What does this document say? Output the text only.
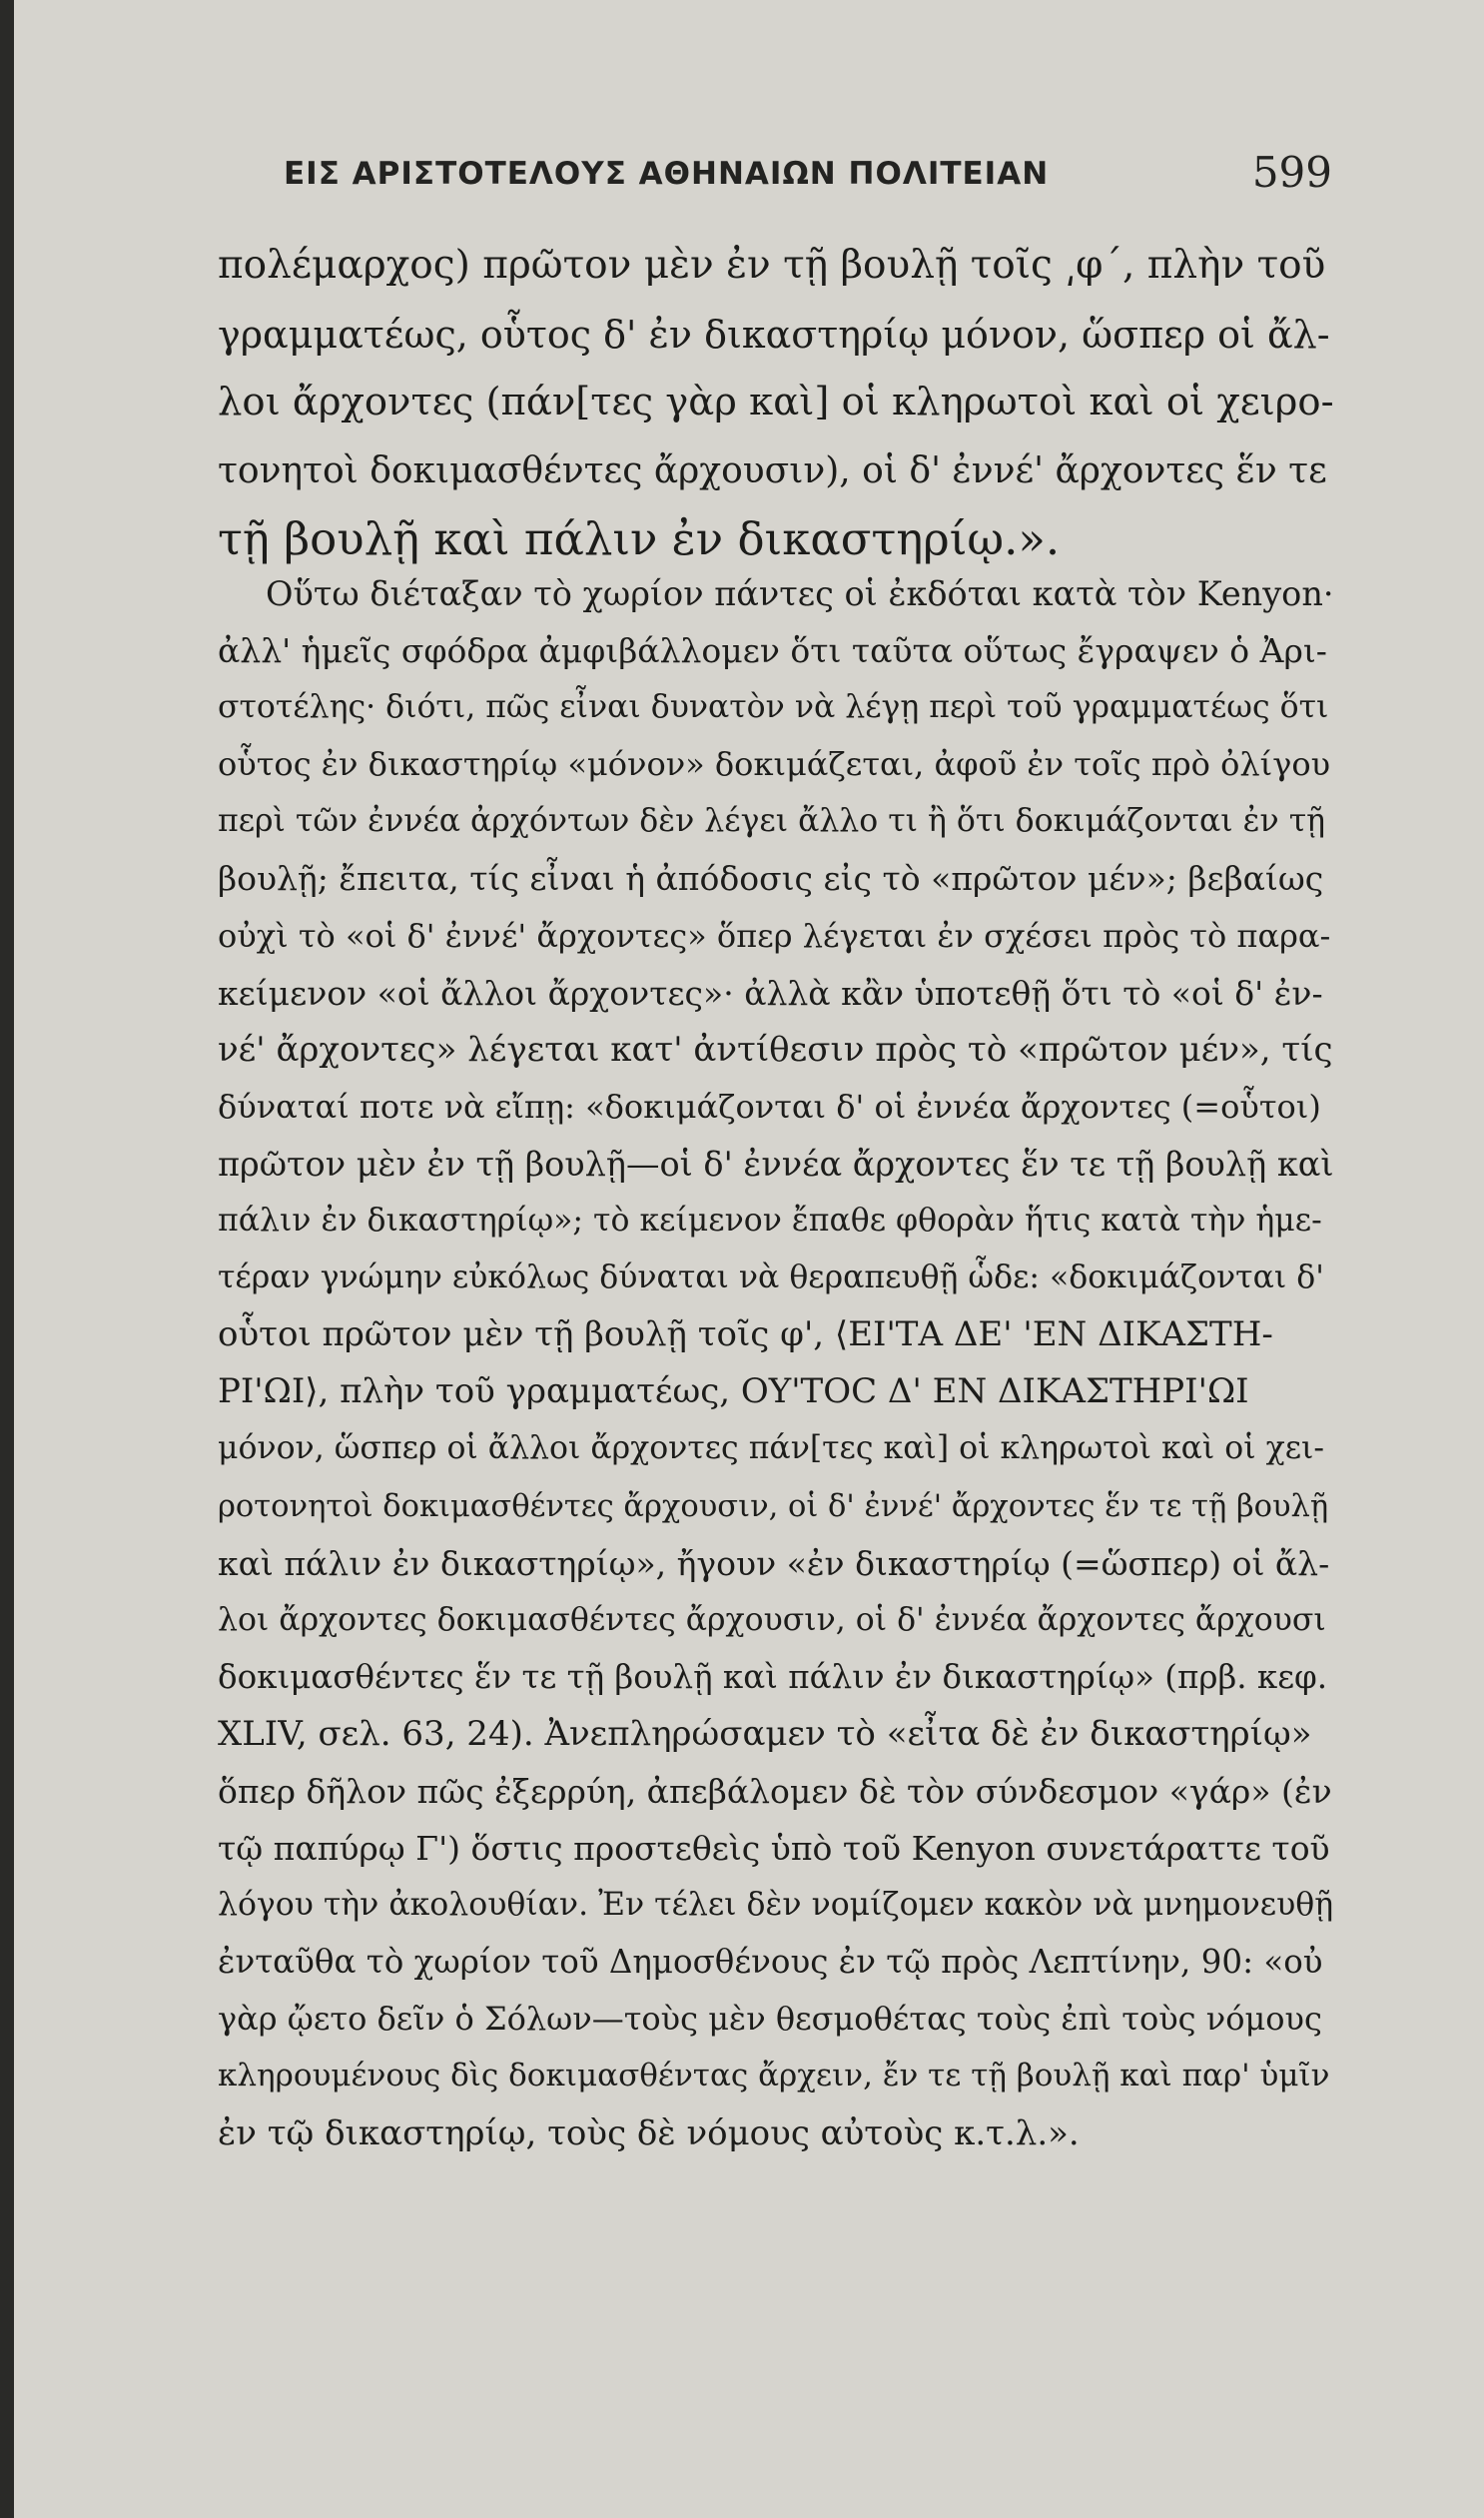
ΕΙΣ ΑΡΙΣΤΟΤΕΛΟΥΣ ΑΘΗΝΑΙΩΝ ΠΟΛΙΤΕΙΑΝ	599
πολέμαρχος) πρῶτον μὲν ἐν τῇ βουλῇ τοῖς ͵φ΄, πλὴν τοῦ
γραμματέως, οὗτος δ' ἐν δικαστηρίῳ μόνον, ὥσπερ οἱ ἄλ-
λοι ἄρχοντες (πάν[τες γὰρ καὶ] οἱ κληρωτοὶ καὶ οἱ χειρο-
τονητοὶ δοκιμασθέντες ἄρχουσιν), οἱ δ' ἐννέ' ἄρχοντες ἕν τε
τῇ βουλῇ καὶ πάλιν ἐν δικαστηρίῳ.».
Οὕτω διέταξαν τὸ χωρίον πάντες οἱ ἐκδόται κατὰ τὸν Kenyon·
ἀλλ' ἡμεῖς σφόδρα ἀμφιβάλλομεν ὅτι ταῦτα οὕτως ἔγραψεν ὁ Ἀρι-
στοτέλης· διότι, πῶς εἶναι δυνατὸν νὰ λέγῃ περὶ τοῦ γραμματέως ὅτι
οὗτος ἐν δικαστηρίῳ «μόνον» δοκιμάζεται, ἀφοῦ ἐν τοῖς πρὸ ὀλίγου
περὶ τῶν ἐννέα ἀρχόντων δὲν λέγει ἄλλο τι ἢ ὅτι δοκιμάζονται ἐν τῇ
βουλῇ; ἔπειτα, τίς εἶναι ἡ ἀπόδοσις εἰς τὸ «πρῶτον μέν»; βεβαίως
οὐχὶ τὸ «οἱ δ' ἐννέ' ἄρχοντες» ὅπερ λέγεται ἐν σχέσει πρὸς τὸ παρα-
κείμενον «οἱ ἄλλοι ἄρχοντες»· ἀλλὰ κἂν ὑποτεθῇ ὅτι τὸ «οἱ δ' ἐν-
νέ' ἄρχοντες» λέγεται κατ' ἀντίθεσιν πρὸς τὸ «πρῶτον μέν», τίς
δύναταί ποτε νὰ εἴπῃ: «δοκιμάζονται δ' οἱ ἐννέα ἄρχοντες (=οὗτοι)
πρῶτον μὲν ἐν τῇ βουλῇ—οἱ δ' ἐννέα ἄρχοντες ἕν τε τῇ βουλῇ καὶ
πάλιν ἐν δικαστηρίῳ»; τὸ κείμενον ἔπαθε φθορὰν ἥτις κατὰ τὴν ἡμε-
τέραν γνώμην εὐκόλως δύναται νὰ θεραπευθῇ ὧδε: «δοκιμάζονται δ'
οὗτοι πρῶτον μὲν τῇ βουλῇ τοῖς φ', ⟨ΕΙ'ΤΑ ΔΕ' 'ΕΝ ΔΙΚΑΣΤΗ-
ΡΙ'ΩΙ⟩, πλὴν τοῦ γραμματέως, ΟΥ'ΤΟϹ Δ' ΕΝ ΔΙΚΑΣΤΗΡΙ'ΩΙ
μόνον, ὥσπερ οἱ ἄλλοι ἄρχοντες πάν[τες καὶ] οἱ κληρωτοὶ καὶ οἱ χει-
ροτονητοὶ δοκιμασθέντες ἄρχουσιν, οἱ δ' ἐννέ' ἄρχοντες ἕν τε τῇ βουλῇ
καὶ πάλιν ἐν δικαστηρίῳ», ἤγουν «ἐν δικαστηρίῳ (=ὥσπερ) οἱ ἄλ-
λοι ἄρχοντες δοκιμασθέντες ἄρχουσιν, οἱ δ' ἐννέα ἄρχοντες ἄρχουσι
δοκιμασθέντες ἕν τε τῇ βουλῇ καὶ πάλιν ἐν δικαστηρίῳ» (πρβ. κεφ.
XLIV, σελ. 63, 24). Ἀνεπληρώσαμεν τὸ «εἶτα δὲ ἐν δικαστηρίῳ»
ὅπερ δῆλον πῶς ἐξερρύη, ἀπεβάλομεν δὲ τὸν σύνδεσμον «γάρ» (ἐν
τῷ παπύρῳ Γ') ὅστις προστεθεὶς ὑπὸ τοῦ Kenyon συνετάραττε τοῦ
λόγου τὴν ἀκολουθίαν. Ἐν τέλει δὲν νομίζομεν κακὸν νὰ μνημονευθῇ
ἐνταῦθα τὸ χωρίον τοῦ Δημοσθένους ἐν τῷ πρὸς Λεπτίνην, 90: «οὐ
γὰρ ᾤετο δεῖν ὁ Σόλων—τοὺς μὲν θεσμοθέτας τοὺς ἐπὶ τοὺς νόμους
κληρουμένους δὶς δοκιμασθέντας ἄρχειν, ἔν τε τῇ βουλῇ καὶ παρ' ὑμῖν
ἐν τῷ δικαστηρίῳ, τοὺς δὲ νόμους αὐτοὺς κ.τ.λ.».
